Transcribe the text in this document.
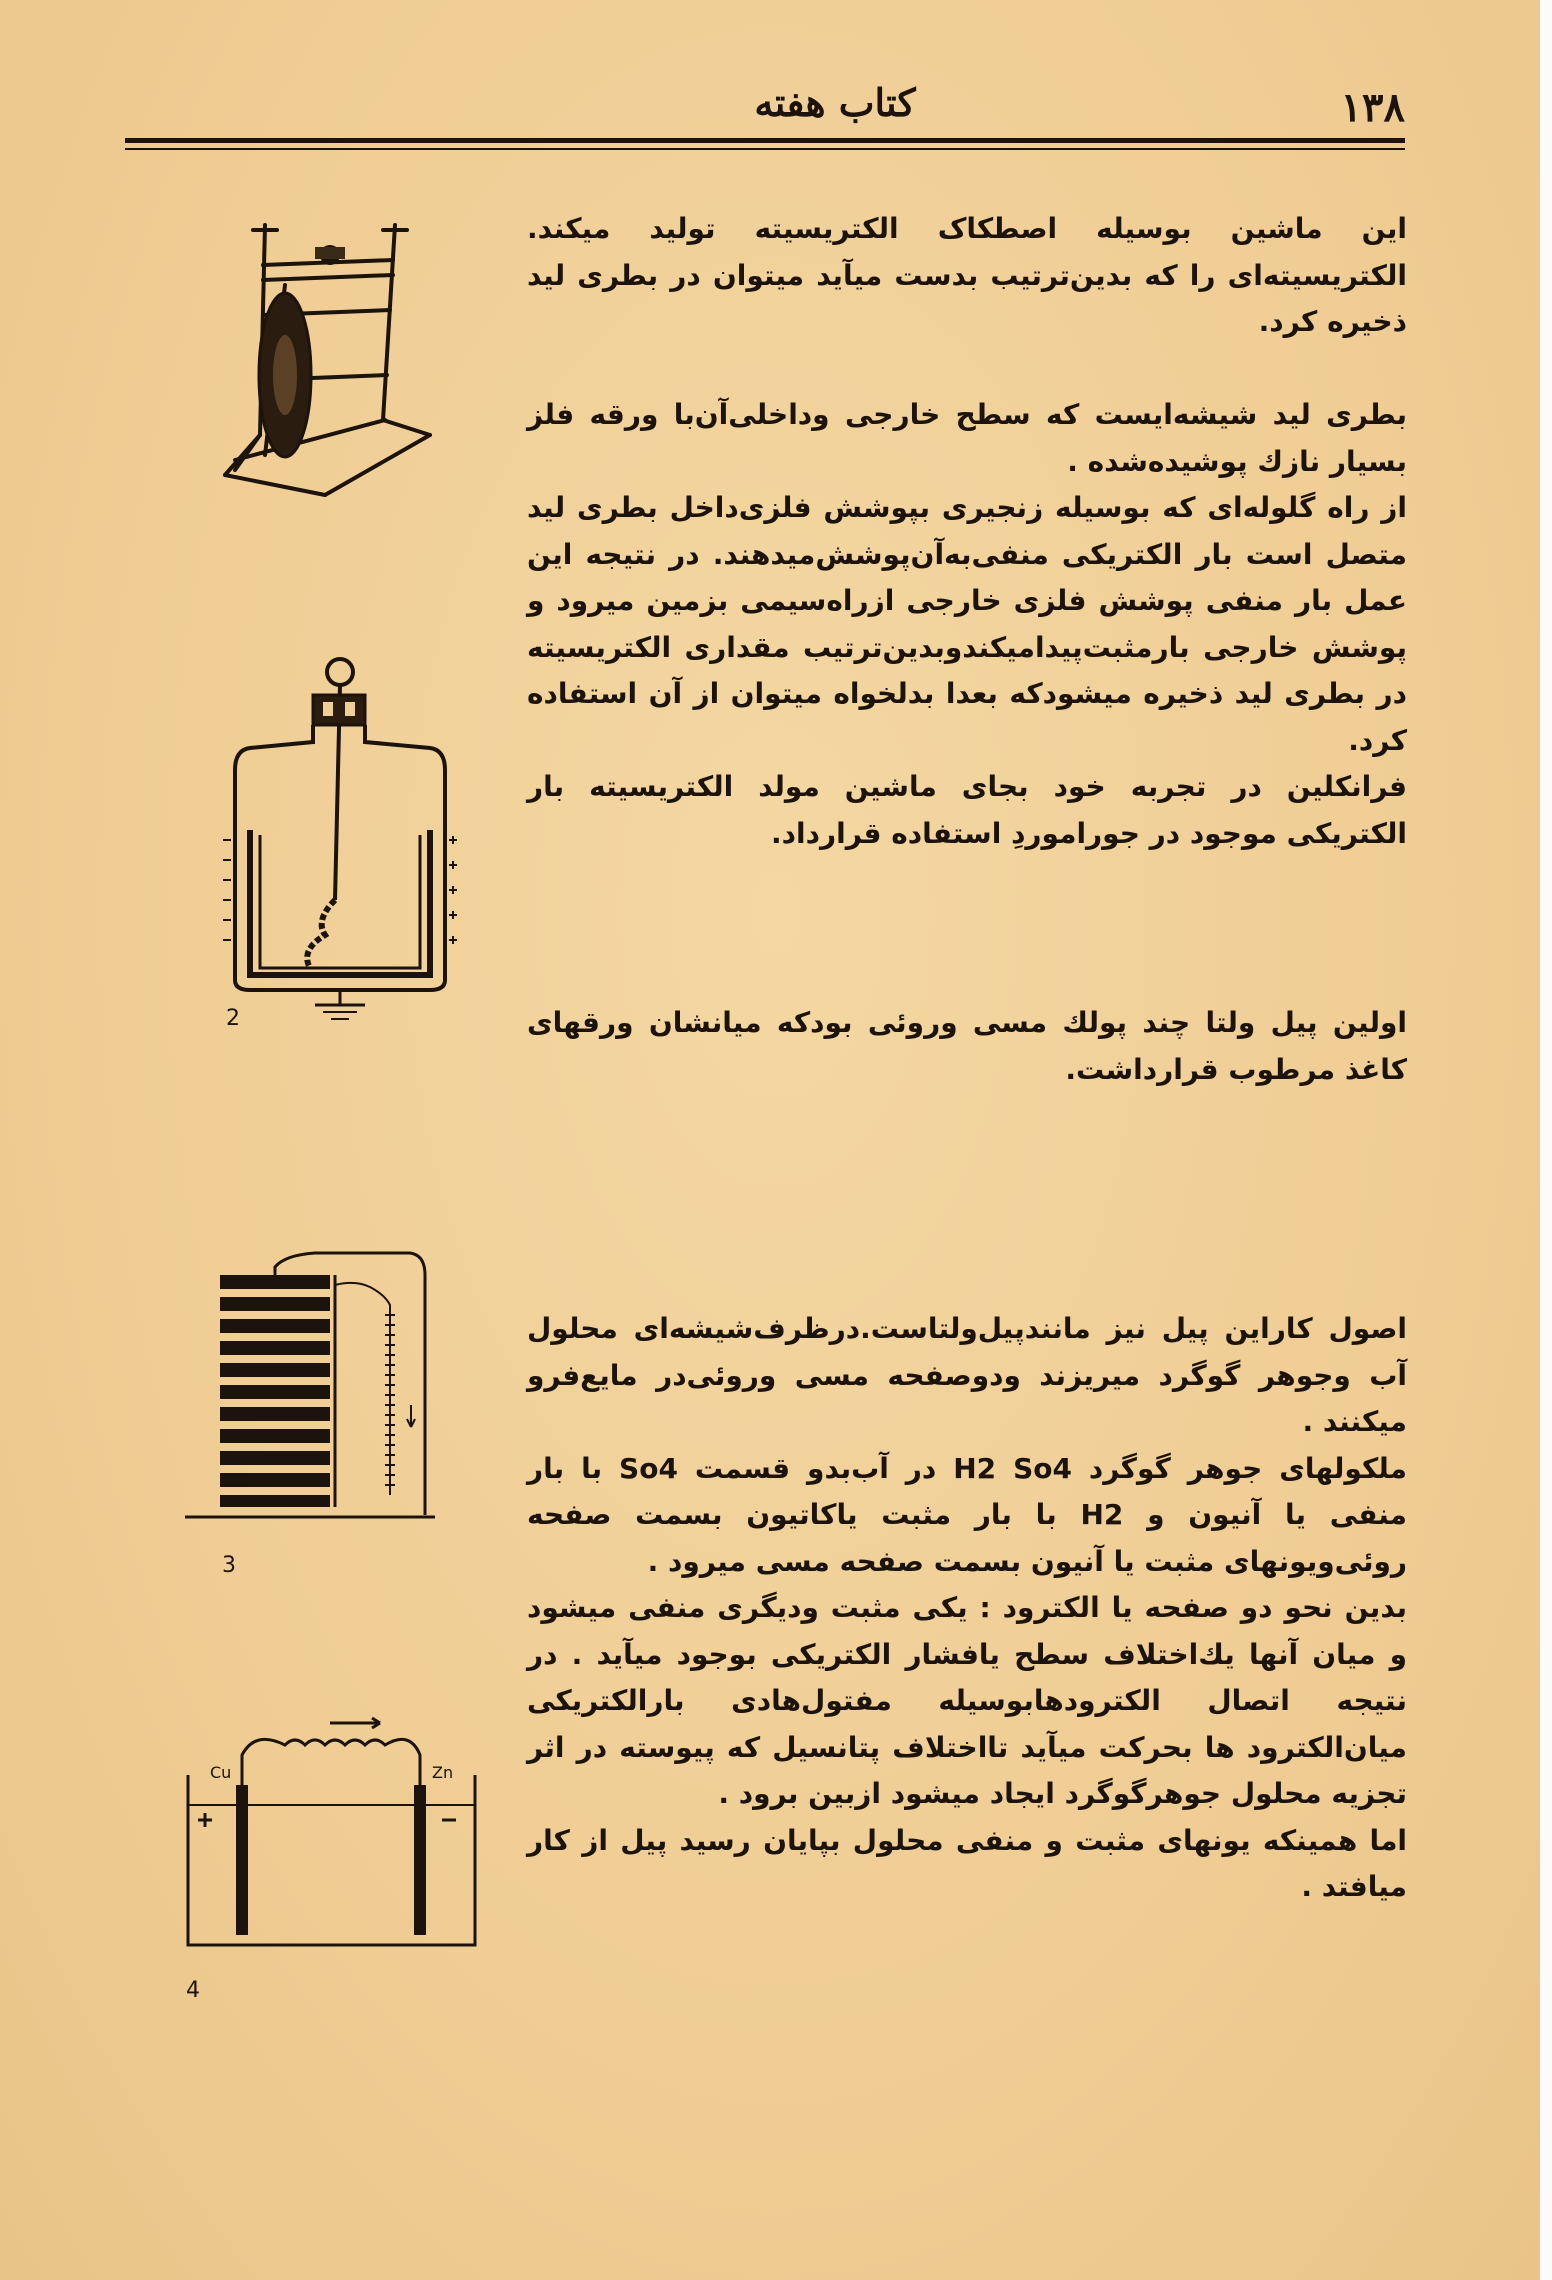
۱۳۸
کتاب هفته

این ماشین بوسیله اصطکاک الکتریسیته تولید میکند. الکتریسیته‌ای را که بدین‌ترتیب بدست میآید میتوان در بطری لید ذخیره کرد.

بطری لید شیشه‌ایست که سطح خارجی وداخلی‌آن‌با ورقه فلز بسیار نازك پوشیده‌شده .

از راه گلوله‌ای که بوسیله زنجیری بپوشش فلزی‌داخل بطری لید متصل است بار الکتریکی منفی‌به‌آن‌پوشش‌میدهند. در نتیجه این عمل بار منفی پوشش فلزی خارجی ازراه‌سیمی بزمین میرود و پوشش خارجی بارمثبت‌پیدامیکندوبدین‌ترتیب مقداری الکتریسیته در بطری لید ذخیره میشودکه بعدا بدلخواه میتوان از آن استفاده کرد.

فرانکلین در تجربه خود بجای ماشین مولد الکتریسیته بار الکتریکی موجود در جوراموردِ استفاده قرارداد.

اولین پیل ولتا چند پولك مسی وروئی بودکه میانشان ورقهای کاغذ مرطوب قرارداشت.

اصول کاراین پیل نیز مانندپیل‌ولتاست.درظرف‌شیشه‌ای محلول آب وجوهر گوگرد میریزند ودوصفحه مسی وروئی‌در مایع‌فرو میکنند .

ملکولهای جوهر گوگرد H2 So4 در آب‌بدو قسمت So4 با بار منفی یا آنیون و H2 با بار مثبت یاکاتیون بسمت صفحه روئی‌ویونهای مثبت یا آنیون بسمت صفحه مسی میرود .

بدین نحو دو صفحه یا الکترود : یکی مثبت ودیگری منفی میشود و میان آنها یك‌اختلاف سطح یافشار الکتریکی بوجود میآید . در نتیجه اتصال الکترودهابوسیله مفتول‌هادی بارالکتریکی میان‌الکترود ها بحرکت میآید تااختلاف پتانسیل که پیوسته در اثر تجزیه محلول جوهرگوگرد ایجاد میشود ازبین برود .

اما همینکه یونهای مثبت و منفی محلول بپایان رسید پیل از کار میافتد .

2
3
Cu	Zn
4
